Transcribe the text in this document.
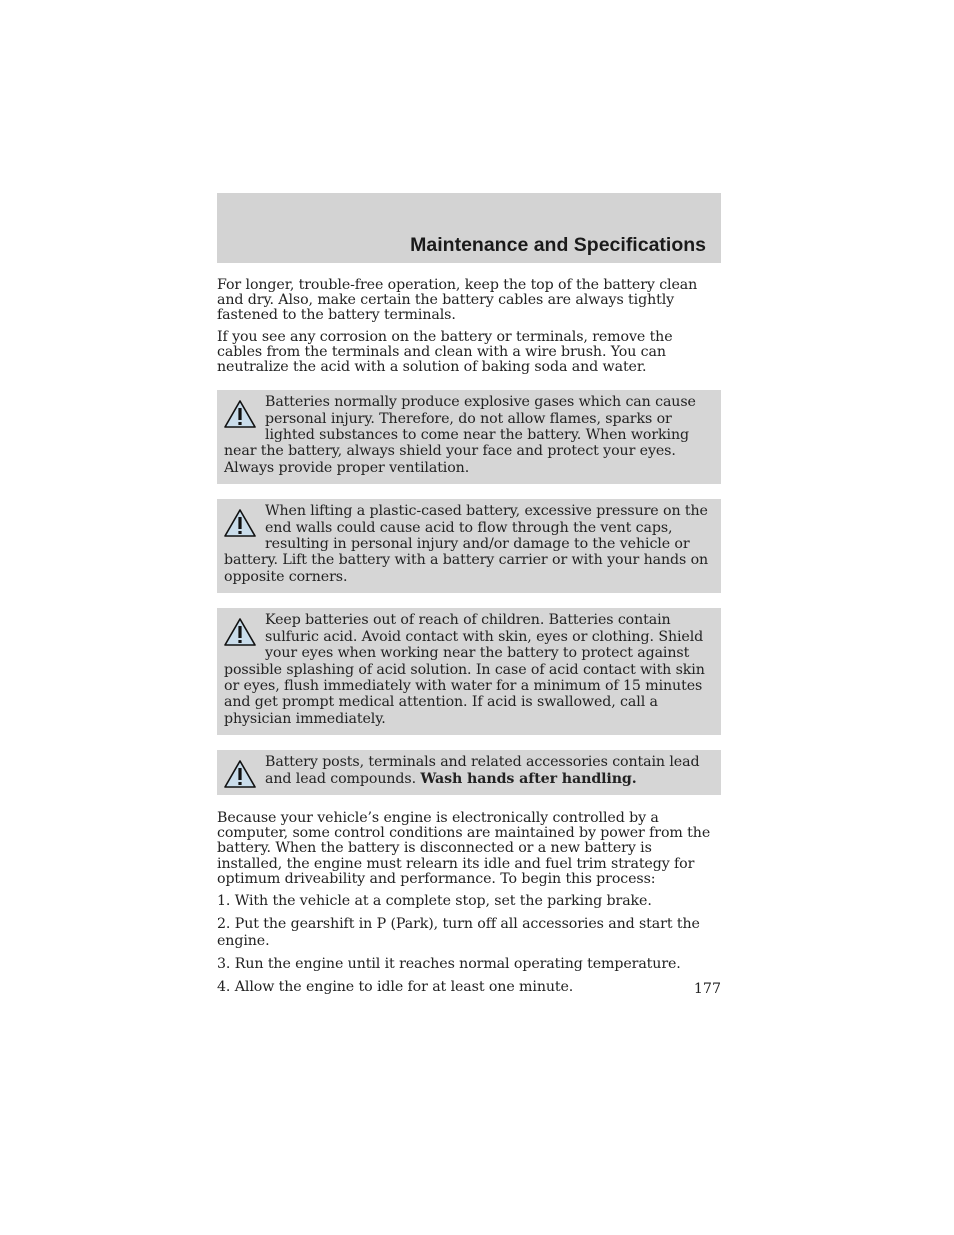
Maintenance and Specifications

For longer, trouble-free operation, keep the top of the battery clean and dry. Also, make certain the battery cables are always tightly fastened to the battery terminals.

If you see any corrosion on the battery or terminals, remove the cables from the terminals and clean with a wire brush. You can neutralize the acid with a solution of baking soda and water.

Batteries normally produce explosive gases which can cause personal injury. Therefore, do not allow flames, sparks or lighted substances to come near the battery. When working near the battery, always shield your face and protect your eyes. Always provide proper ventilation.
When lifting a plastic-cased battery, excessive pressure on the end walls could cause acid to flow through the vent caps, resulting in personal injury and/or damage to the vehicle or battery. Lift the battery with a battery carrier or with your hands on opposite corners.
Keep batteries out of reach of children. Batteries contain sulfuric acid. Avoid contact with skin, eyes or clothing. Shield your eyes when working near the battery to protect against possible splashing of acid solution. In case of acid contact with skin or eyes, flush immediately with water for a minimum of 15 minutes and get prompt medical attention. If acid is swallowed, call a physician immediately.
Battery posts, terminals and related accessories contain lead and lead compounds. Wash hands after handling.

Because your vehicle’s engine is electronically controlled by a computer, some control conditions are maintained by power from the battery. When the battery is disconnected or a new battery is installed, the engine must relearn its idle and fuel trim strategy for optimum driveability and performance. To begin this process:

1. With the vehicle at a complete stop, set the parking brake.

2. Put the gearshift in P (Park), turn off all accessories and start the engine.

3. Run the engine until it reaches normal operating temperature.

4. Allow the engine to idle for at least one minute.	177
